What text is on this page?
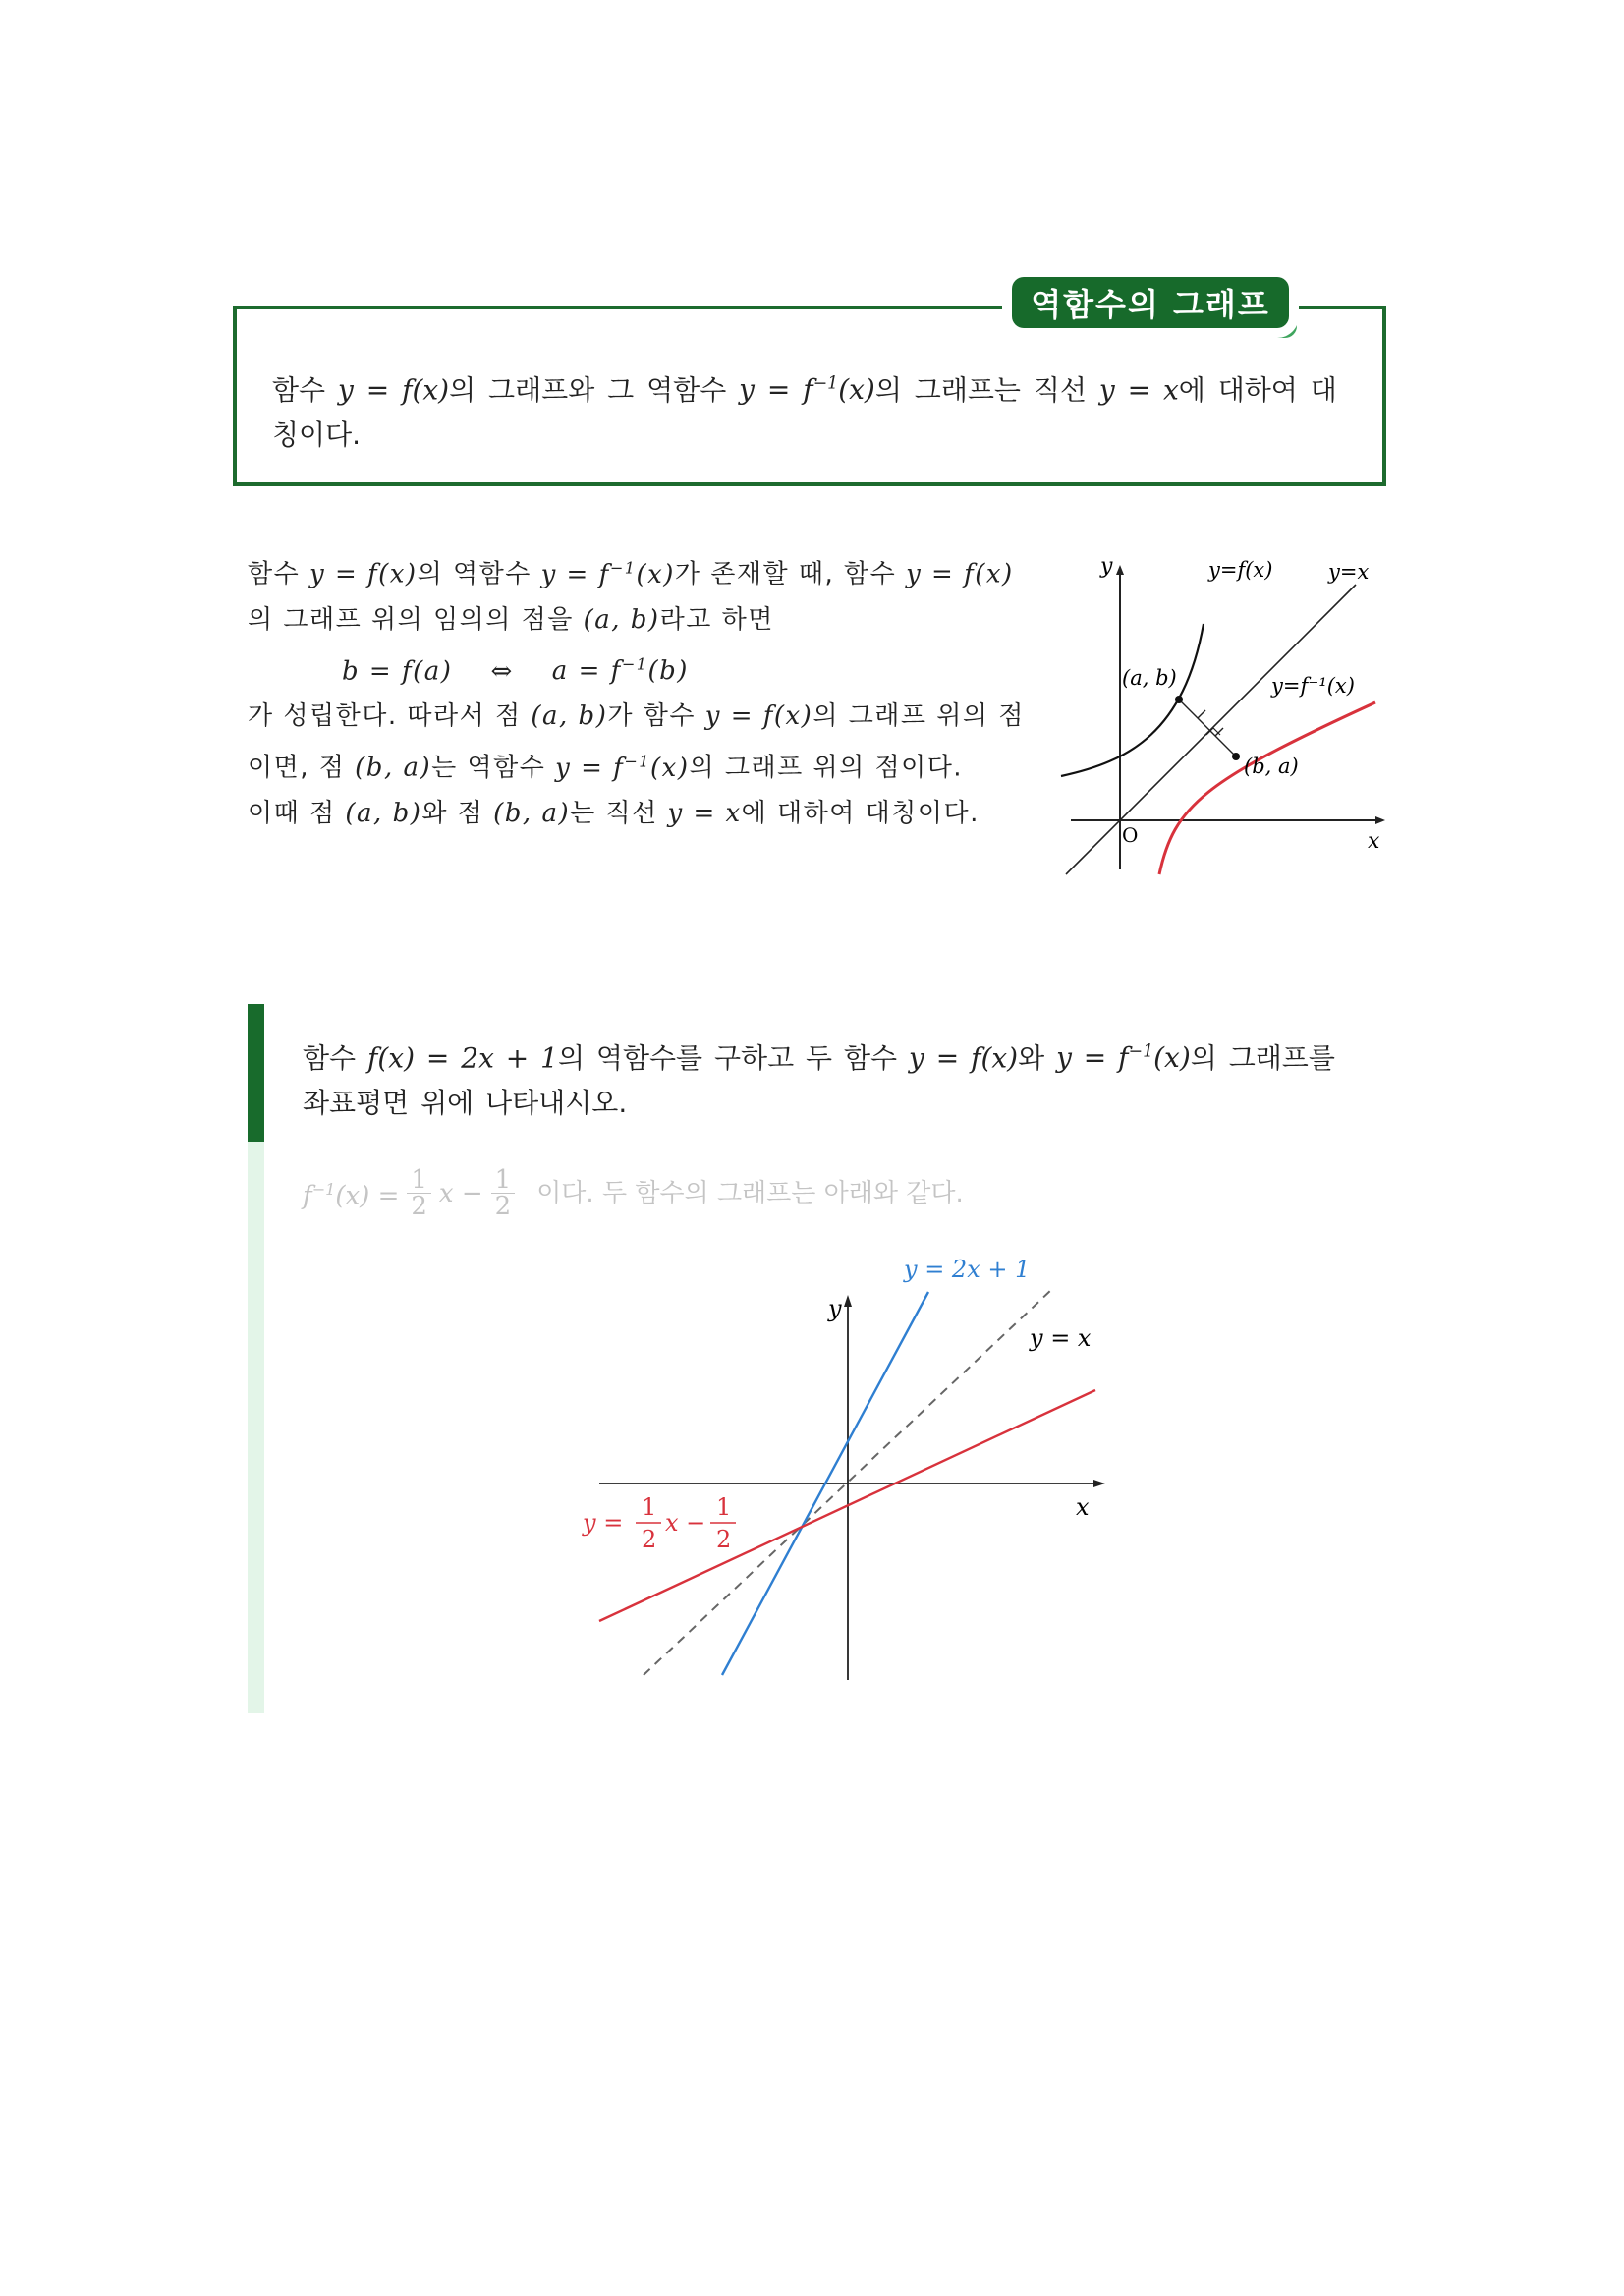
역함수의 그래프
함수 y = f(x)의 그래프와 그 역함수 $y = f^{-1}(x)$의 그래프는 직선 y = x에 대하여 대칭이다.
함수 y = f(x)의 역함수 $y = f^{-1}(x)$가 존재할 때, 함수 y = f(x)의 그래프 위의 임의의 점을 (a, b)라고 하면
b = f(a) ⇔ $a = f^{-1}(b)$
가 성립한다. 따라서 점 (a, b)가 함수 y = f(x)의 그래프 위의 점이면, 점 (b, a)는 역함수 $y = f^{-1}(x)$의 그래프 위의 점이다.
이때 점 (a, b)와 점 (b, a)는 직선 y = x에 대하여 대칭이다.
y
x
O
y=f(x)	y=x
y=f⁻¹(x)
(a, b)
(b, a)
함수 f(x) = 2x + 1의 역함수를 구하고 두 함수 y = f(x)와 $y = f^{-1}(x)$의 그래프를 좌표평면 위에 나타내시오.
$f^{-1}(x) = \frac{1}{2}$ $x - \frac{1}{2}$ 이다. 두 함수의 그래프는 아래와 같다.
y
x
y = 2x + 1
y = x
y =
1
2
x −
1
2
